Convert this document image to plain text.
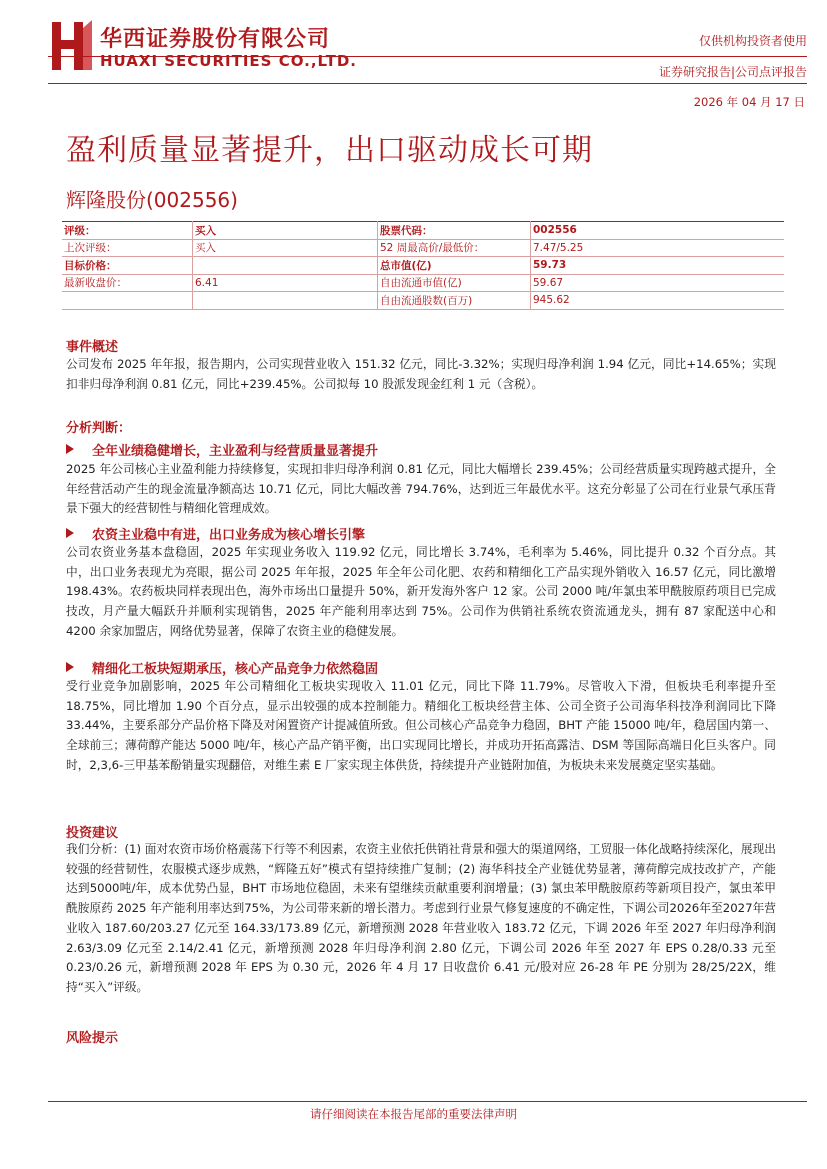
华西证券股份有限公司
HUAXI SECURITIES CO.,LTD.
仅供机构投资者使用
证券研究报告|公司点评报告
2026 年 04 月 17 日
盈利质量显著提升，出口驱动成长可期
辉隆股份(002556)
评级：	买入	股票代码：	002556
上次评级：	买入	52 周最高价/最低价：	7.47/5.25
目标价格：		总市值(亿)	59.73
最新收盘价：	6.41	自由流通市值(亿)	59.67
		自由流通股数(百万)	945.62
事件概述
公司发布 2025 年年报，报告期内，公司实现营业收入 151.32 亿元，同比-3.32%；实现归母净利润 1.94 亿元，同比+14.65%；实现扣非归母净利润 0.81 亿元，同比+239.45%。公司拟每 10 股派发现金红利 1 元（含税）。
分析判断：
全年业绩稳健增长，主业盈利与经营质量显著提升
2025 年公司核心主业盈利能力持续修复，实现扣非归母净利润 0.81 亿元，同比大幅增长 239.45%；公司经营质量实现跨越式提升，全年经营活动产生的现金流量净额高达 10.71 亿元，同比大幅改善 794.76%，达到近三年最优水平。这充分彰显了公司在行业景气承压背景下强大的经营韧性与精细化管理成效。
农资主业稳中有进，出口业务成为核心增长引擎
公司农资业务基本盘稳固，2025 年实现业务收入 119.92 亿元，同比增长 3.74%，毛利率为 5.46%，同比提升 0.32 个百分点。其中，出口业务表现尤为亮眼，据公司 2025 年年报，2025 年全年公司化肥、农药和精细化工产品实现外销收入 16.57 亿元，同比激增 198.43%。农药板块同样表现出色，海外市场出口量提升 50%，新开发海外客户 12 家。公司 2000 吨/年氯虫苯甲酰胺原药项目已完成技改，月产量大幅跃升并顺利实现销售，2025 年产能利用率达到 75%。公司作为供销社系统农资流通龙头，拥有 87 家配送中心和 4200 余家加盟店，网络优势显著，保障了农资主业的稳健发展。
精细化工板块短期承压，核心产品竞争力依然稳固
受行业竞争加剧影响，2025 年公司精细化工板块实现收入 11.01 亿元，同比下降 11.79%。尽管收入下滑，但板块毛利率提升至 18.75%，同比增加 1.90 个百分点，显示出较强的成本控制能力。精细化工板块经营主体、公司全资子公司海华科技净利润同比下降 33.44%，主要系部分产品价格下降及对闲置资产计提减值所致。但公司核心产品竞争力稳固，BHT 产能 15000 吨/年，稳居国内第一、全球前三；薄荷醇产能达 5000 吨/年，核心产品产销平衡，出口实现同比增长，并成功开拓高露洁、DSM 等国际高端日化巨头客户。同时，2,3,6-三甲基苯酚销量实现翻倍，对维生素 E 厂家实现主体供货，持续提升产业链附加值，为板块未来发展奠定坚实基础。
投资建议
我们分析：(1) 面对农资市场价格震荡下行等不利因素，农资主业依托供销社背景和强大的渠道网络，工贸服一体化战略持续深化，展现出较强的经营韧性，农服模式逐步成熟，“辉隆五好”模式有望持续推广复制；(2) 海华科技全产业链优势显著，薄荷醇完成技改扩产，产能达到5000吨/年，成本优势凸显，BHT 市场地位稳固，未来有望继续贡献重要利润增量；(3) 氯虫苯甲酰胺原药等新项目投产，氯虫苯甲酰胺原药 2025 年产能利用率达到75%，为公司带来新的增长潜力。考虑到行业景气修复速度的不确定性，下调公司2026年至2027年营业收入 187.60/203.27 亿元至 164.33/173.89 亿元，新增预测 2028 年营业收入 183.72 亿元，下调 2026 年至 2027 年归母净利润 2.63/3.09 亿元至 2.14/2.41 亿元，新增预测 2028 年归母净利润 2.80 亿元，下调公司 2026 年至 2027 年 EPS 0.28/0.33 元至 0.23/0.26 元，新增预测 2028 年 EPS 为 0.30 元，2026 年 4 月 17 日收盘价 6.41 元/股对应 26-28 年 PE 分别为 28/25/22X，维持“买入”评级。
风险提示
请仔细阅读在本报告尾部的重要法律声明
